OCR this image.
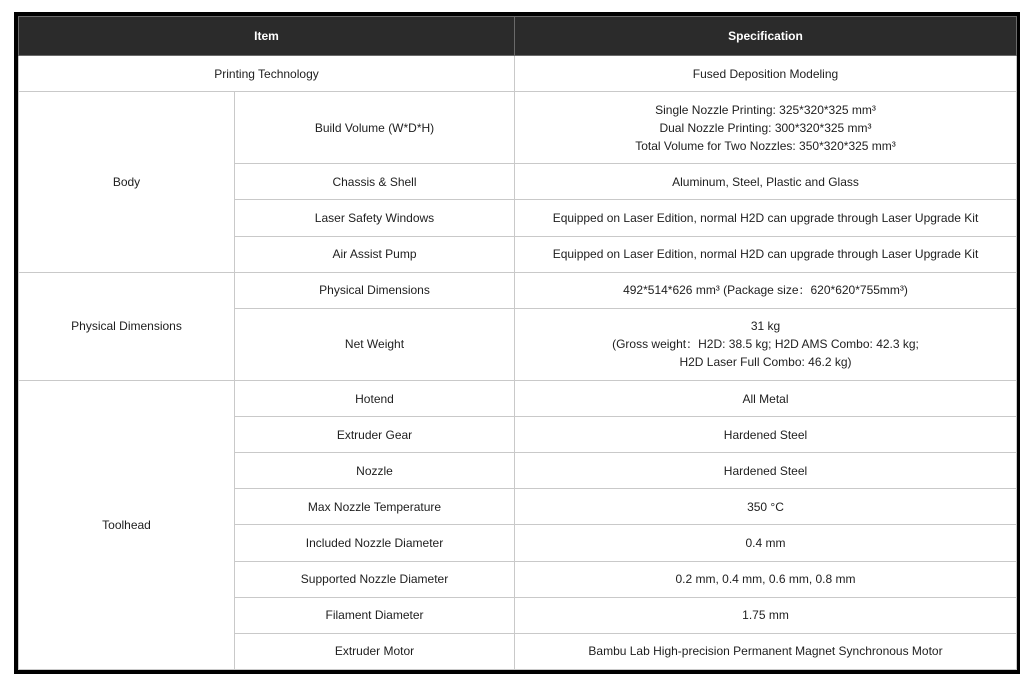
Item		Specification
Printing Technology		Fused Deposition Modeling
Body	Build Volume (W*D*H)	Single Nozzle Printing: 325*320*325 mm³
Dual Nozzle Printing: 300*320*325 mm³
Total Volume for Two Nozzles: 350*320*325 mm³

	Chassis & Shell	Aluminum, Steel, Plastic and Glass
	Laser Safety Windows	Equipped on Laser Edition, normal H2D can upgrade through Laser Upgrade Kit
	Air Assist Pump	Equipped on Laser Edition, normal H2D can upgrade through Laser Upgrade Kit
Physical Dimensions	Physical Dimensions	492*514*626 mm³ (Package size：620*620*755mm³)
	Net Weight	31 kg
(Gross weight：H2D: 38.5 kg; H2D AMS Combo: 42.3 kg;
H2D Laser Full Combo: 46.2 kg)

Toolhead	Hotend	All Metal
	Extruder Gear	Hardened Steel
	Nozzle	Hardened Steel
	Max Nozzle Temperature	350 °C
	Included Nozzle Diameter	0.4 mm
	Supported Nozzle Diameter	0.2 mm, 0.4 mm, 0.6 mm, 0.8 mm
	Filament Diameter	1.75 mm
	Extruder Motor	Bambu Lab High-precision Permanent Magnet Synchronous Motor
